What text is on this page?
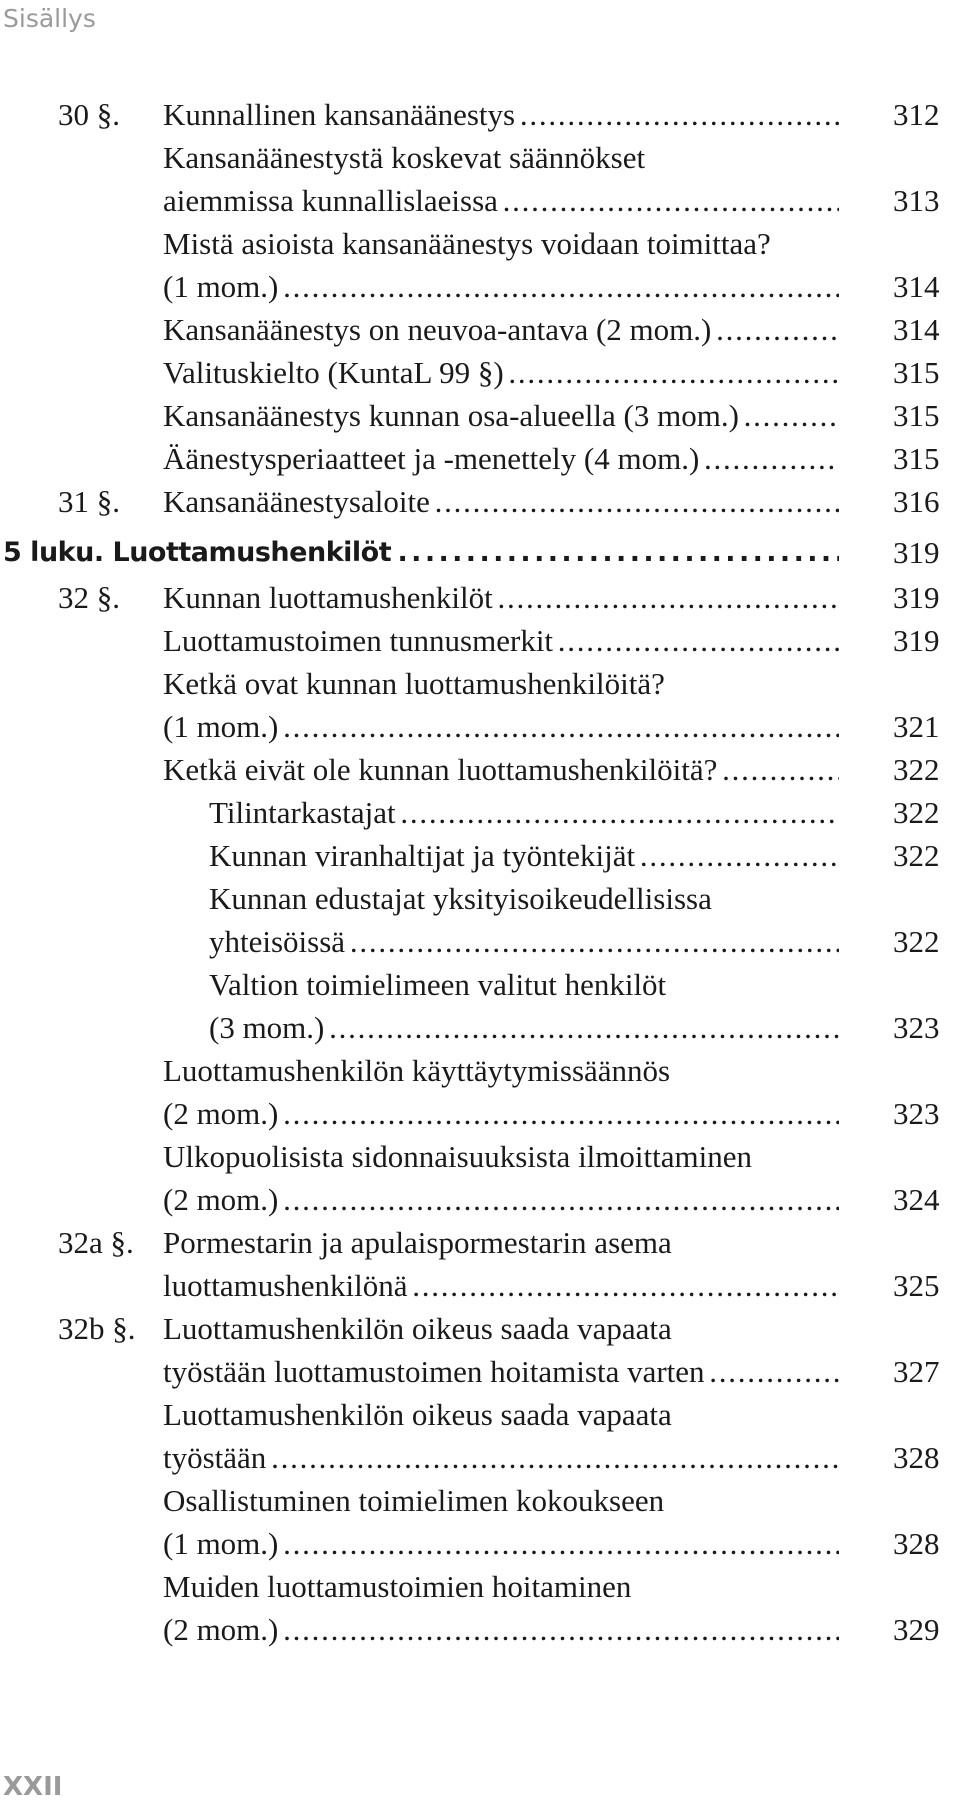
Sisällys
30 §. Kunnallinen kansanäänestys . . .	312
Kansanäänestystä koskevat säännökset
aiemmissa kunnallislaeissa . . .	313
Mistä asioista kansanäänestys voidaan toimittaa?
(1 mom.) . . .	314
Kansanäänestys on neuvoa-antava (2 mom.) . . .	314
Valituskielto (KuntaL 99 §) . . .	315
Kansanäänestys kunnan osa-alueella (3 mom.) . . .	315
Äänestysperiaatteet ja -menettely (4 mom.) . . .	315
31 §. Kansanäänestysaloite . . .	316
5 luku. Luottamushenkilöt . . .	319
32 §. Kunnan luottamushenkilöt . . .	319
Luottamustoimen tunnusmerkit . . .	319
Ketkä ovat kunnan luottamushenkilöitä?
(1 mom.) . . .	321
Ketkä eivät ole kunnan luottamushenkilöitä? . . .	322
Tilintarkastajat . . .	322
Kunnan viranhaltijat ja työntekijät . . .	322
Kunnan edustajat yksityisoikeudellisissa
yhteisöissä . . .	322
Valtion toimielimeen valitut henkilöt
(3 mom.) . . .	323
Luottamushenkilön käyttäytymissäännös
(2 mom.) . . .	323
Ulkopuolisista sidonnaisuuksista ilmoittaminen
(2 mom.) . . .	324
32a §. Pormestarin ja apulaispormestarin asema
luottamushenkilönä . . .	325
32b §. Luottamushenkilön oikeus saada vapaata
työstään luottamustoimen hoitamista varten . . .	327
Luottamushenkilön oikeus saada vapaata
työstään . . .	328
Osallistuminen toimielimen kokoukseen
(1 mom.) . . .	328
Muiden luottamustoimien hoitaminen
(2 mom.) . . .	329
XXII
